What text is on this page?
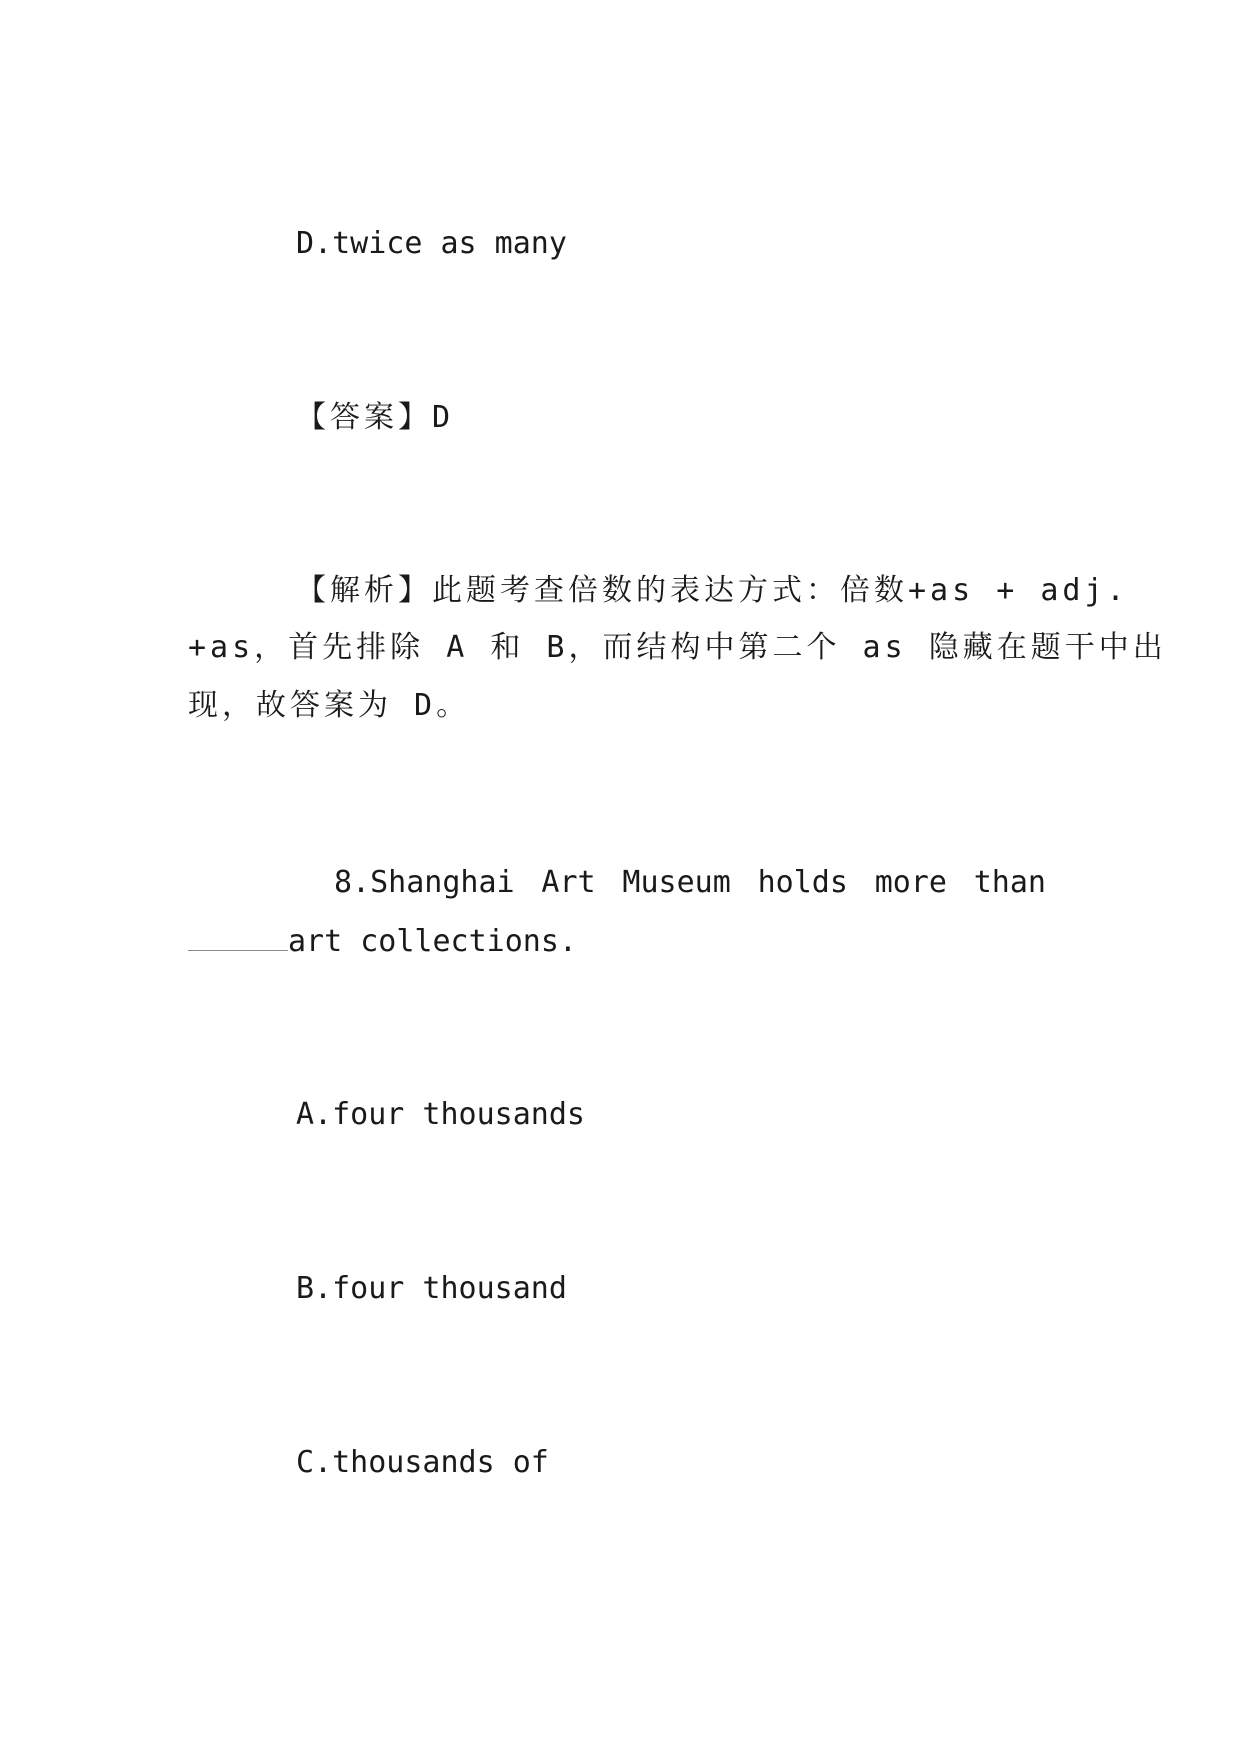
D.twice as many
【答案】D
【解析】此题考查倍数的表达方式：倍数+as + adj.
+as，首先排除 A 和 B，而结构中第二个 as 隐藏在题干中出
现，故答案为 D。
8.Shanghai Art Museum holds more than
art collections.
A.four thousands
B.four thousand
C.thousands of
